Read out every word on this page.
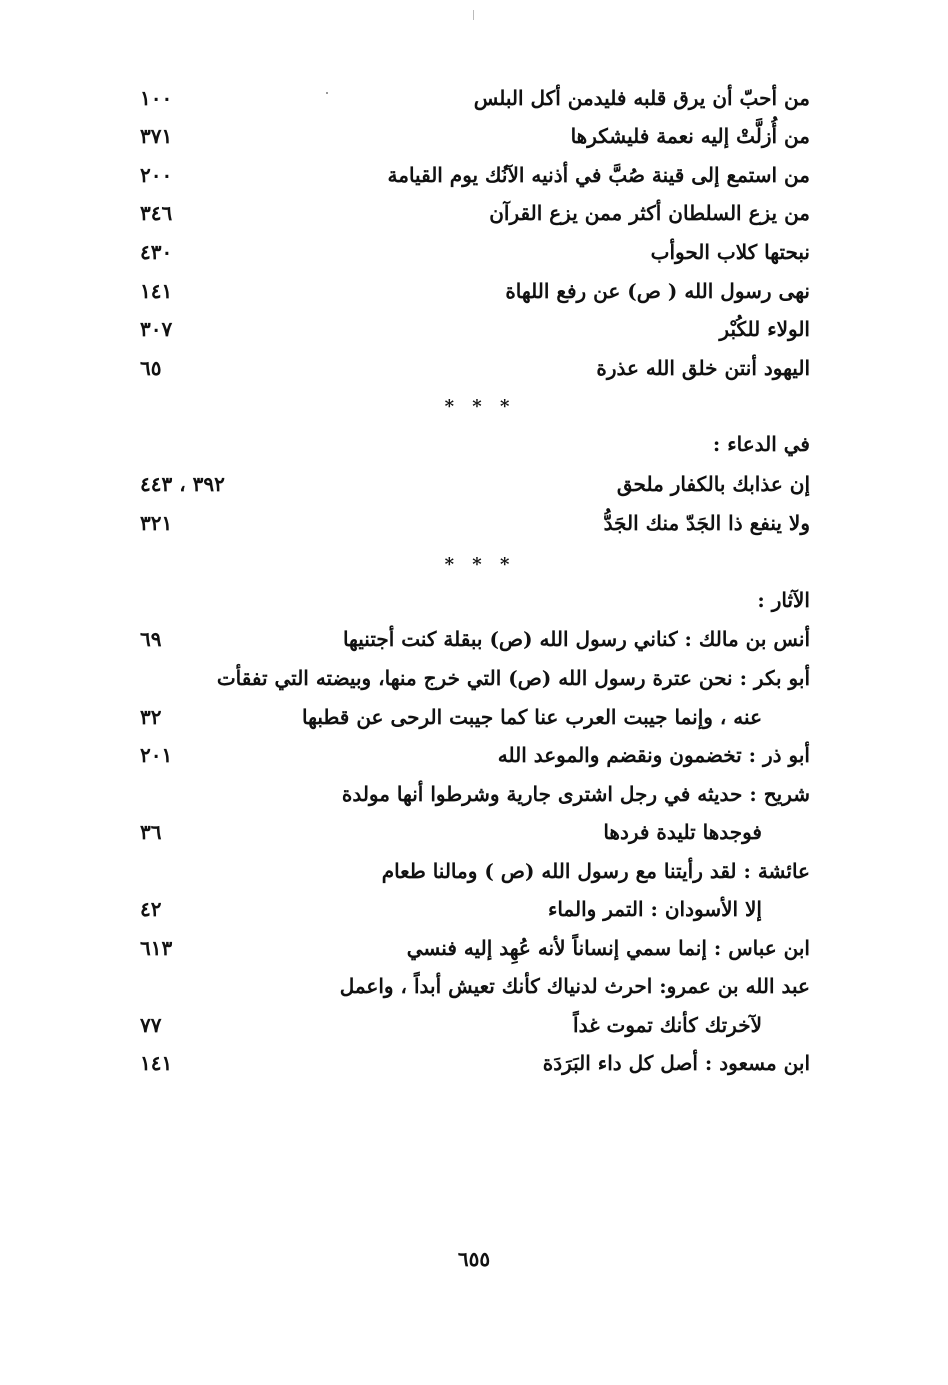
من أحبّ أن يرق قلبه فليدمن أكل البلس
١٠٠
من أُزلَّتْ إليه نعمة فليشكرها
٣٧١
من استمع إلى قينة صُبَّ في أذنيه الآنُك يوم القيامة
٢٠٠
من يزع السلطان أكثر ممن يزع القرآن
٣٤٦
نبحتها كلاب الحوأب
٤٣٠
نهى رسول الله ( ص) عن رفع اللهاة
١٤١
الولاء للكُبْر
٣٠٧
اليهود أنتن خلق الله عذرة
٦٥
* * *
في الدعاء :
إن عذابك بالكفار ملحق
٣٩٢ ، ٤٤٣
ولا ينفع ذا الجَدّ منك الجَدُّ
٣٢١
* * *
الآثار :
أنس بن مالك : كناني رسول الله (ص) ببقلة كنت أجتنيها
٦٩
أبو بكر : نحن عترة رسول الله (ص) التي خرج منها، وبيضته التي تفقأت
عنه ، وإنما جيبت العرب عنا كما جيبت الرحى عن قطبها
٣٢
أبو ذر : تخضمون ونقضم والموعد الله
٢٠١
شريح : حديثه في رجل اشترى جارية وشرطوا أنها مولدة
فوجدها تليدة فردها
٣٦
عائشة : لقد رأيتنا مع رسول الله (ص ) ومالنا طعام
إلا الأسودان : التمر والماء
٤٢
ابن عباس : إنما سمي إنساناً لأنه عُهِد إليه فنسي
٦١٣
عبد الله بن عمرو: احرث لدنياك كأنك تعيش أبداً ، واعمل
لآخرتك كأنك تموت غداً
٧٧
ابن مسعود : أصل كل داء البَرَدَة
١٤١
٦٥٥
